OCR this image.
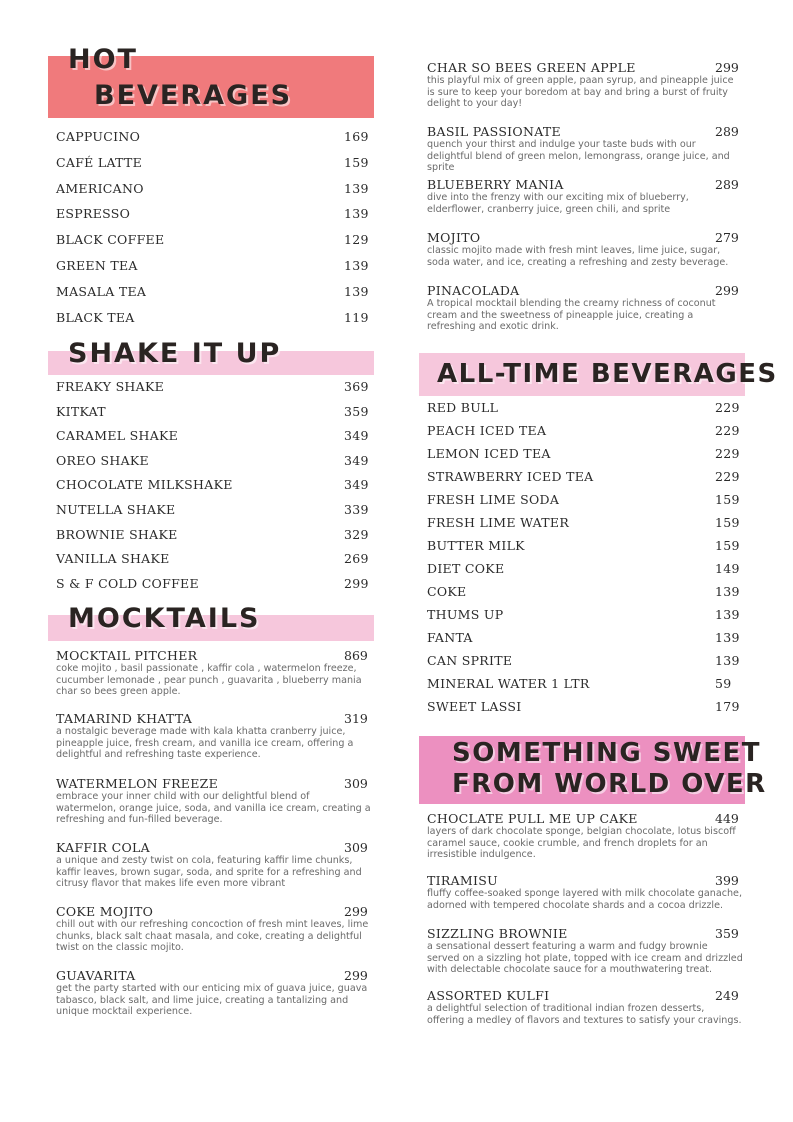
HOT
BEVERAGES
CAPPUCINO	169
CAFÉ LATTE	159
AMERICANO	139
ESPRESSO	139
BLACK COFFEE	129
GREEN TEA	139
MASALA TEA	139
BLACK TEA	119
SHAKE IT UP
FREAKY SHAKE	369
KITKAT	359
CARAMEL SHAKE	349
OREO SHAKE	349
CHOCOLATE MILKSHAKE	349
NUTELLA SHAKE	339
BROWNIE SHAKE	329
VANILLA SHAKE	269
S & F COLD COFFEE	299
MOCKTAILS
MOCKTAIL PITCHER	869
coke mojito , basil passionate , kaffir cola , watermelon freeze, cucumber lemonade , pear punch , guavarita , blueberry mania char so bees green apple.
TAMARIND KHATTA	319
a nostalgic beverage made with kala khatta cranberry juice, pineapple juice, fresh cream, and vanilla ice cream, offering a delightful and refreshing taste experience.
WATERMELON FREEZE	309
embrace your inner child with our delightful blend of watermelon, orange juice, soda, and vanilla ice cream, creating a refreshing and fun-filled beverage.
KAFFIR COLA	309
a unique and zesty twist on cola, featuring kaffir lime chunks, kaffir leaves, brown sugar, soda, and sprite for a refreshing and citrusy flavor that makes life even more vibrant
COKE MOJITO	299
chill out with our refreshing concoction of fresh mint leaves, lime chunks, black salt chaat masala, and coke, creating a delightful twist on the classic mojito.
GUAVARITA	299
get the party started with our enticing mix of guava juice, guava tabasco, black salt, and lime juice, creating a tantalizing and unique mocktail experience.
CHAR SO BEES GREEN APPLE	299
this playful mix of green apple, paan syrup, and pineapple juice is sure to keep your boredom at bay and bring a burst of fruity delight to your day!
BASIL PASSIONATE	289
quench your thirst and indulge your taste buds with our delightful blend of green melon, lemongrass, orange juice, and sprite
BLUEBERRY MANIA	289
dive into the frenzy with our exciting mix of blueberry, elderflower, cranberry juice, green chili, and sprite
MOJITO	279
classic mojito made with fresh mint leaves, lime juice, sugar, soda water, and ice, creating a refreshing and zesty beverage.
PINACOLADA	299
A tropical mocktail blending the creamy richness of coconut cream and the sweetness of pineapple juice, creating a refreshing and exotic drink.
ALL-TIME BEVERAGES
RED BULL	229
PEACH ICED TEA	229
LEMON ICED TEA	229
STRAWBERRY ICED TEA	229
FRESH LIME SODA	159
FRESH LIME WATER	159
BUTTER MILK	159
DIET COKE	149
COKE	139
THUMS UP	139
FANTA	139
CAN SPRITE	139
MINERAL WATER 1 LTR	59
SWEET LASSI	179
SOMETHING SWEET
FROM WORLD OVER
CHOCLATE PULL ME UP CAKE	449
layers of dark chocolate sponge, belgian chocolate, lotus biscoff caramel sauce, cookie crumble, and french droplets for an irresistible indulgence.
TIRAMISU	399
fluffy coffee-soaked sponge layered with milk chocolate ganache, adorned with tempered chocolate shards and a cocoa drizzle.
SIZZLING BROWNIE	359
a sensational dessert featuring a warm and fudgy brownie served on a sizzling hot plate, topped with ice cream and drizzled with delectable chocolate sauce for a mouthwatering treat.
ASSORTED KULFI	249
a delightful selection of traditional indian frozen desserts, offering a medley of flavors and textures to satisfy your cravings.
